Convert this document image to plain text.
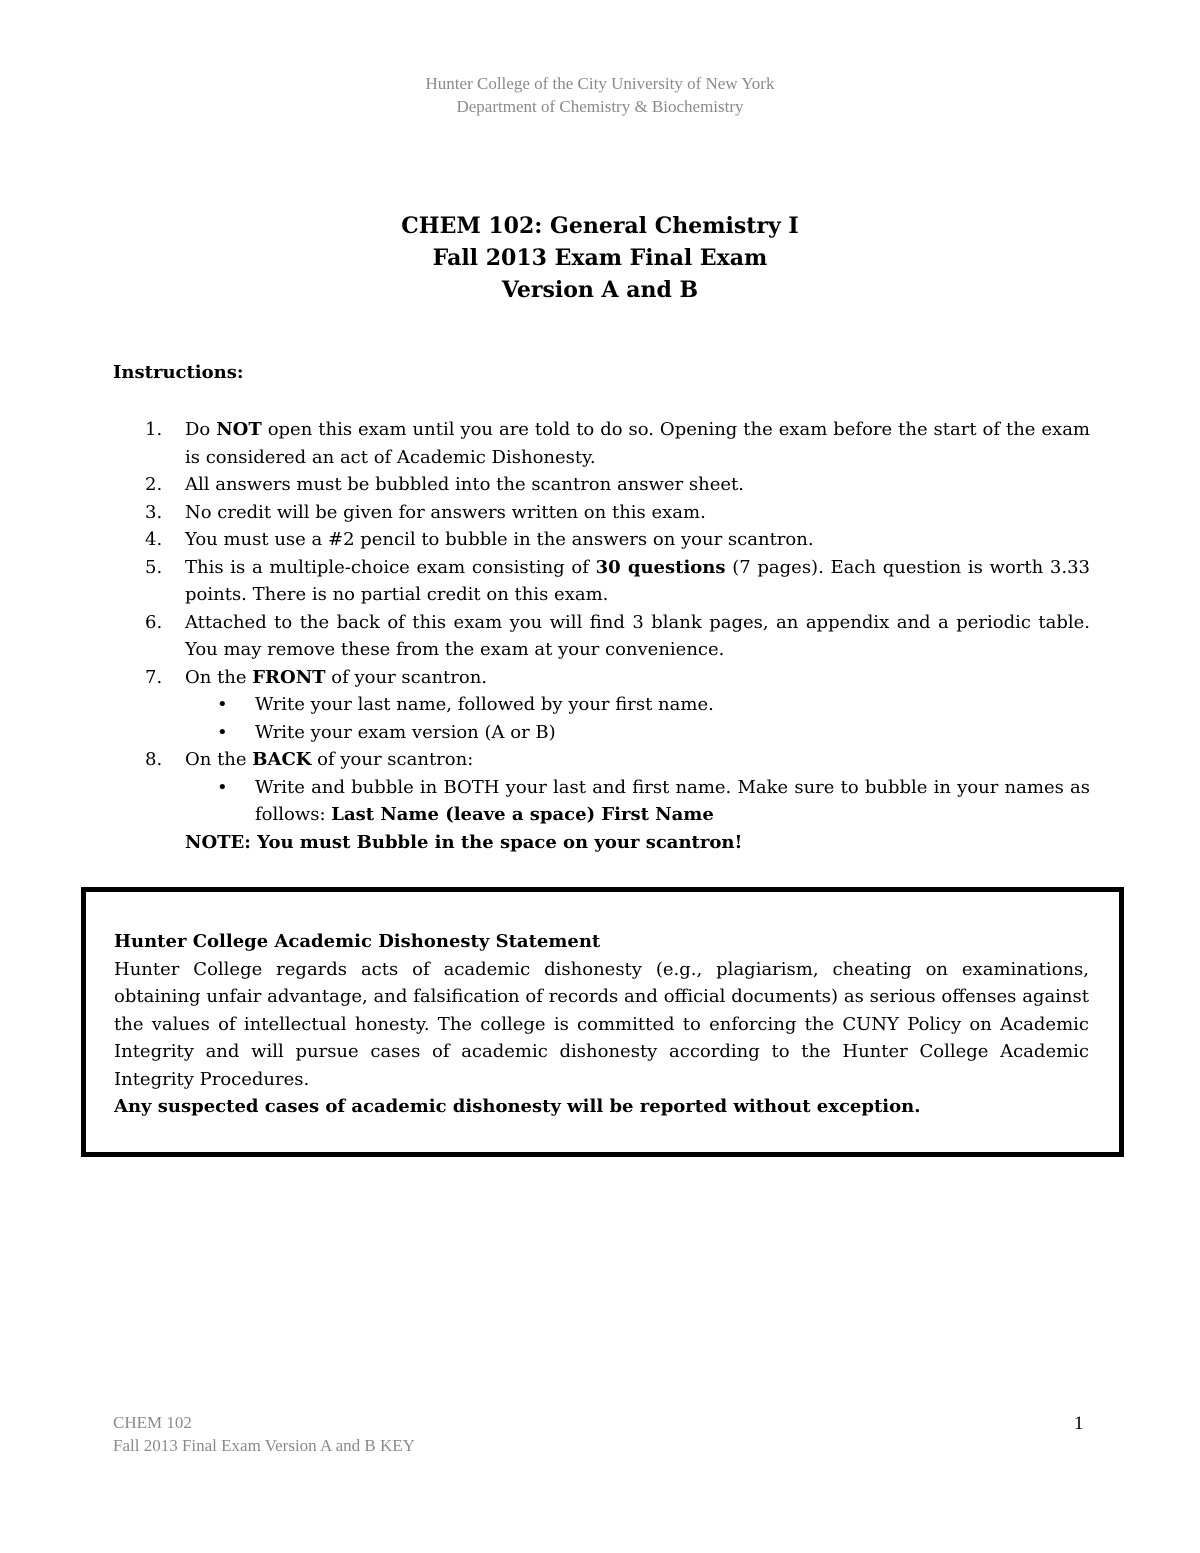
Hunter College of the City University of New York
Department of Chemistry & Biochemistry
CHEM 102: General Chemistry I
Fall 2013 Exam Final Exam
Version A and B
Instructions:
1. Do NOT open this exam until you are told to do so. Opening the exam before the start of the exam is considered an act of Academic Dishonesty.
2. All answers must be bubbled into the scantron answer sheet.
3. No credit will be given for answers written on this exam.
4. You must use a #2 pencil to bubble in the answers on your scantron.
5. This is a multiple-choice exam consisting of 30 questions (7 pages). Each question is worth 3.33 points. There is no partial credit on this exam.
6. Attached to the back of this exam you will find 3 blank pages, an appendix and a periodic table. You may remove these from the exam at your convenience.
7. On the FRONT of your scantron.
• Write your last name, followed by your first name.
• Write your exam version (A or B)
8. On the BACK of your scantron:
• Write and bubble in BOTH your last and first name. Make sure to bubble in your names as follows: Last Name (leave a space) First Name
NOTE: You must Bubble in the space on your scantron!
Hunter College Academic Dishonesty Statement
Hunter College regards acts of academic dishonesty (e.g., plagiarism, cheating on examinations, obtaining unfair advantage, and falsification of records and official documents) as serious offenses against the values of intellectual honesty. The college is committed to enforcing the CUNY Policy on Academic Integrity and will pursue cases of academic dishonesty according to the Hunter College Academic Integrity Procedures.
Any suspected cases of academic dishonesty will be reported without exception.
CHEM 102
Fall 2013 Final Exam Version A and B KEY
1
